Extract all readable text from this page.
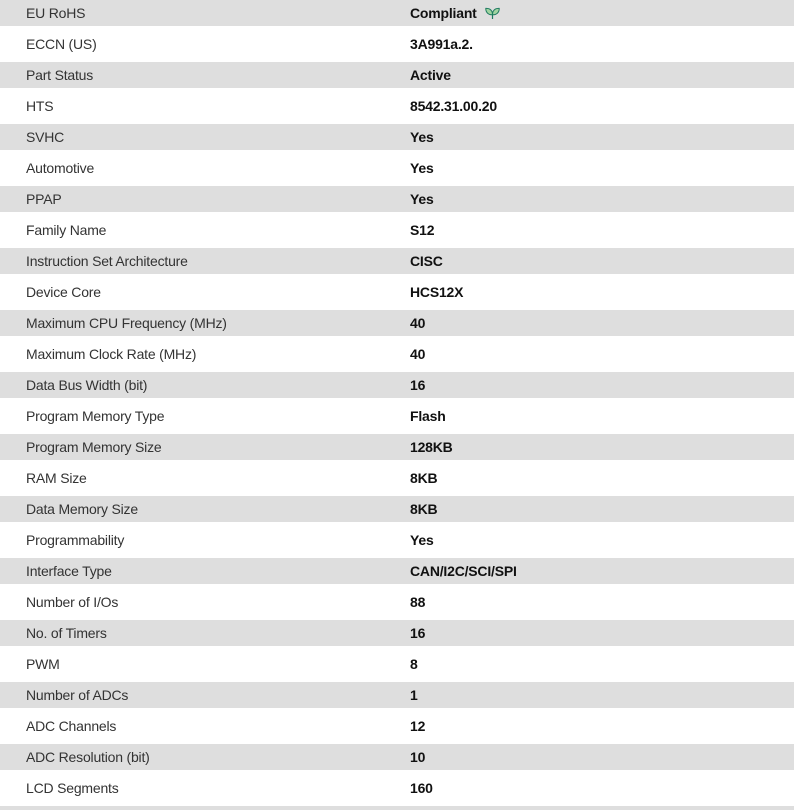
EU RoHS	Compliant
ECCN (US)	3A991a.2.
Part Status	Active
HTS	8542.31.00.20
SVHC	Yes
Automotive	Yes
PPAP	Yes
Family Name	S12
Instruction Set Architecture	CISC
Device Core	HCS12X
Maximum CPU Frequency (MHz)	40
Maximum Clock Rate (MHz)	40
Data Bus Width (bit)	16
Program Memory Type	Flash
Program Memory Size	128KB
RAM Size	8KB
Data Memory Size	8KB
Programmability	Yes
Interface Type	CAN/I2C/SCI/SPI
Number of I/Os	88
No. of Timers	16
PWM	8
Number of ADCs	1
ADC Channels	12
ADC Resolution (bit)	10
LCD Segments	160
